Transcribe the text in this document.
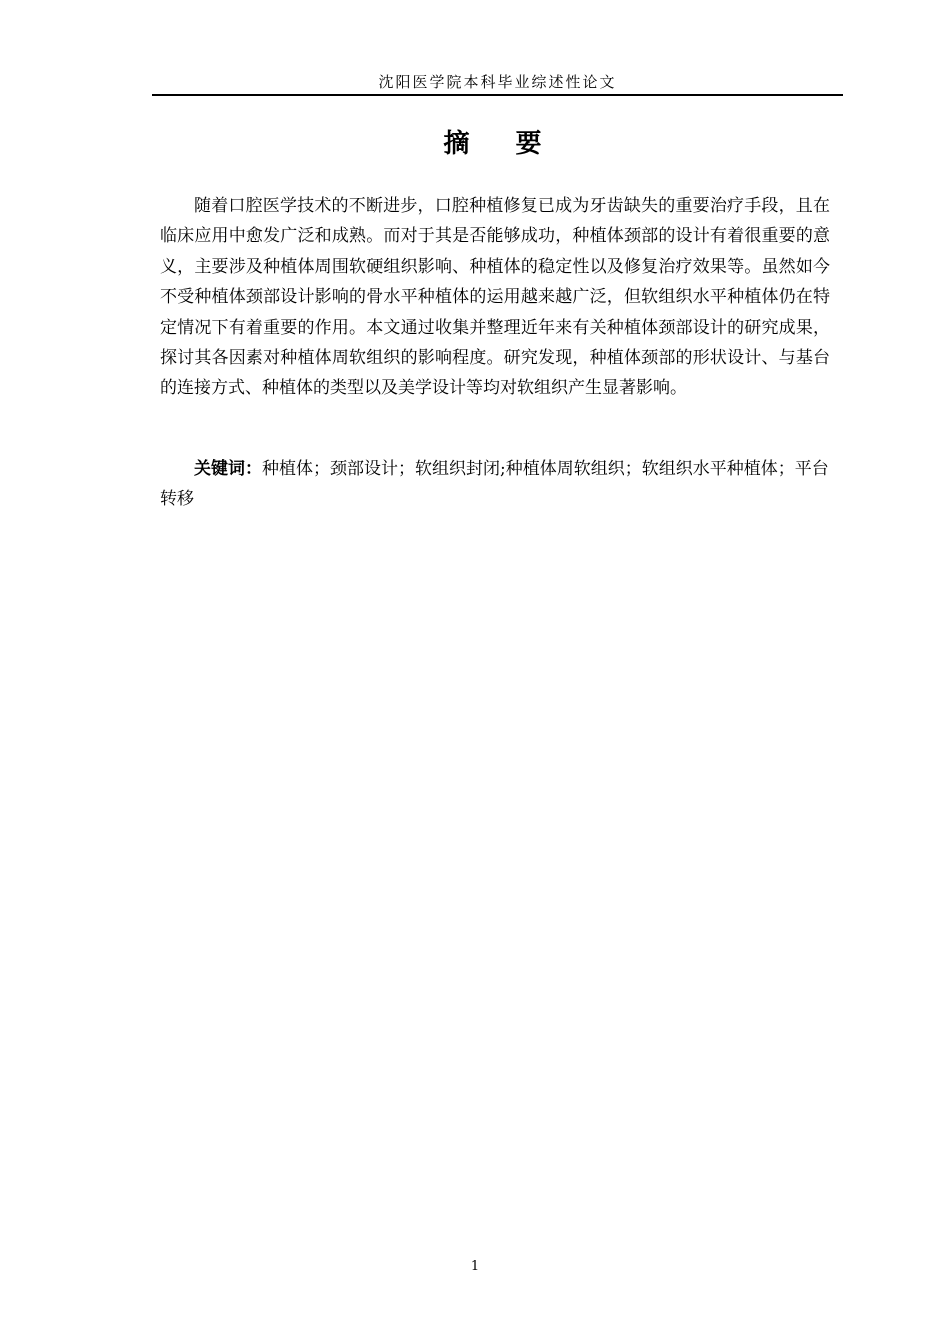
沈阳医学院本科毕业综述性论文
摘　要

随着口腔医学技术的不断进步，口腔种植修复已成为牙齿缺失的重要治疗手段，且在临床应用中愈发广泛和成熟。而对于其是否能够成功，种植体颈部的设计有着很重要的意义，主要涉及种植体周围软硬组织影响、种植体的稳定性以及修复治疗效果等。虽然如今不受种植体颈部设计影响的骨水平种植体的运用越来越广泛，但软组织水平种植体仍在特定情况下有着重要的作用。本文通过收集并整理近年来有关种植体颈部设计的研究成果，探讨其各因素对种植体周软组织的影响程度。研究发现，种植体颈部的形状设计、与基台的连接方式、种植体的类型以及美学设计等均对软组织产生显著影响。

关键词：种植体；颈部设计；软组织封闭;种植体周软组织；软组织水平种植体；平台转移

1
